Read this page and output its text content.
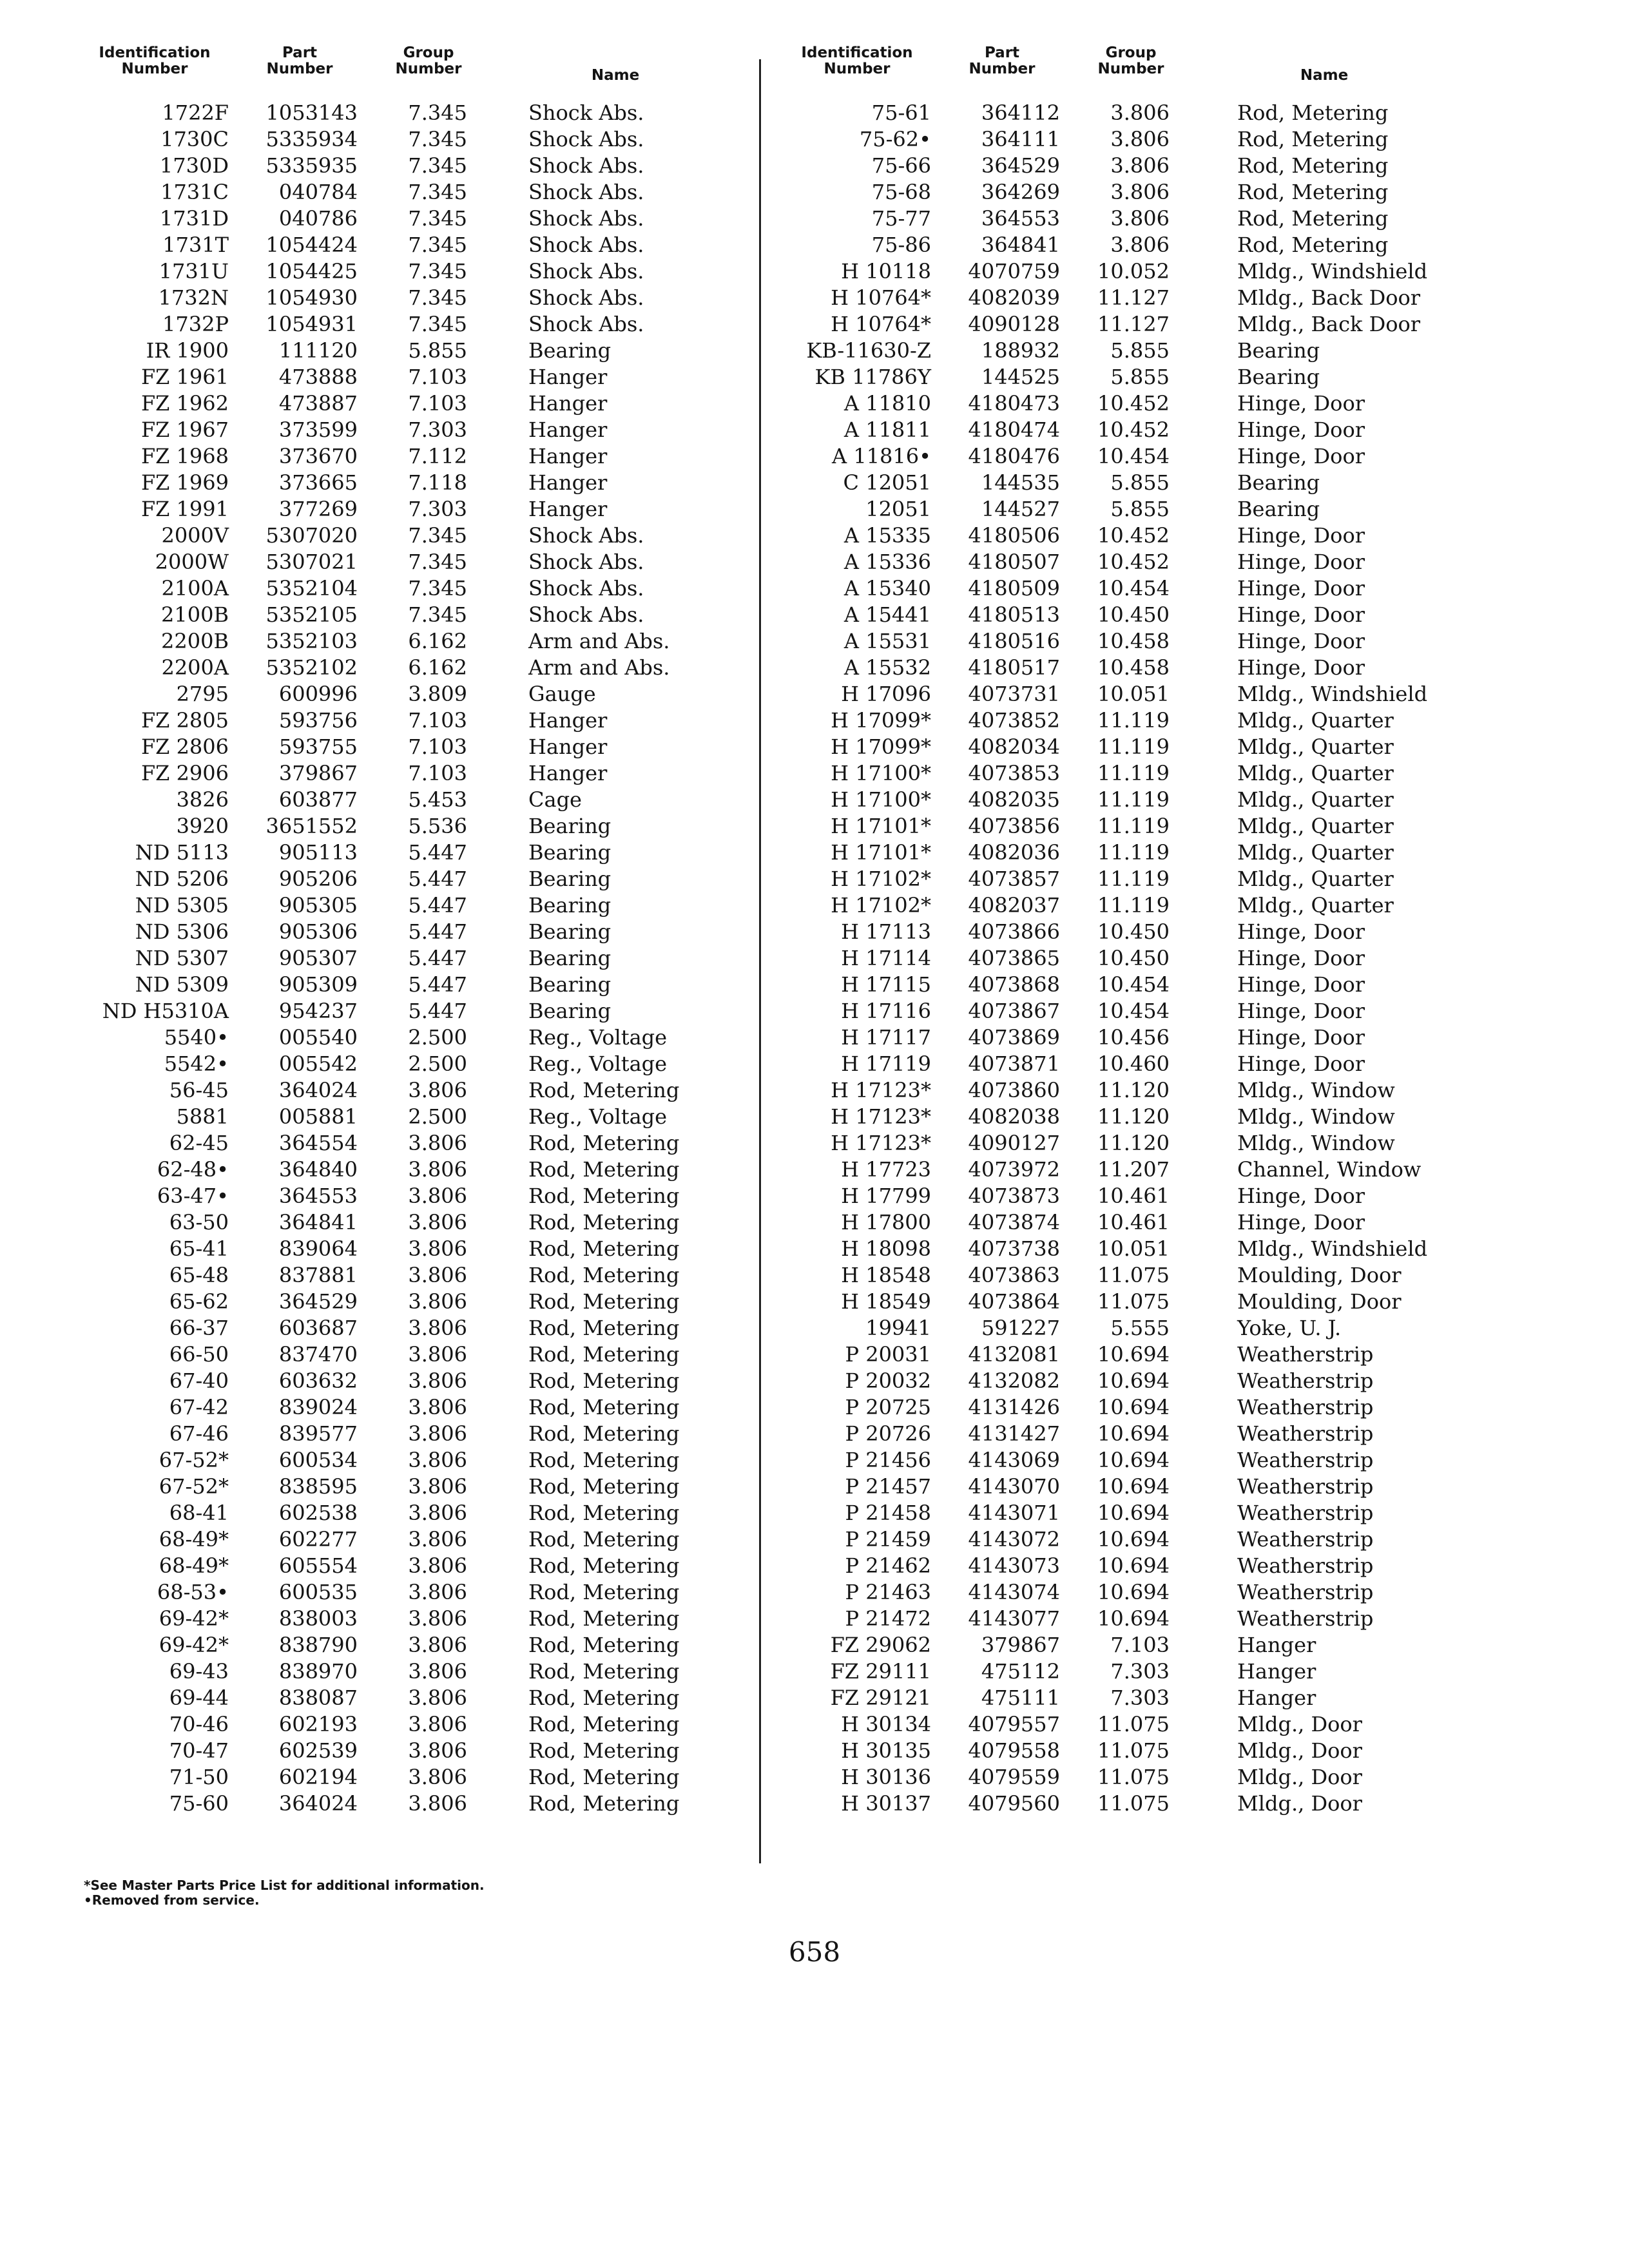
Identification Number
Part Number
Group Number	Name
1722F	1053143	7.345	Shock Abs.
1730C	5335934	7.345	Shock Abs.
1730D	5335935	7.345	Shock Abs.
1731C	040784	7.345	Shock Abs.
1731D	040786	7.345	Shock Abs.
1731T	1054424	7.345	Shock Abs.
1731U	1054425	7.345	Shock Abs.
1732N	1054930	7.345	Shock Abs.
1732P	1054931	7.345	Shock Abs.
IR 1900	111120	5.855	Bearing
FZ 1961	473888	7.103	Hanger
FZ 1962	473887	7.103	Hanger
FZ 1967	373599	7.303	Hanger
FZ 1968	373670	7.112	Hanger
FZ 1969	373665	7.118	Hanger
FZ 1991	377269	7.303	Hanger
2000V	5307020	7.345	Shock Abs.
2000W	5307021	7.345	Shock Abs.
2100A	5352104	7.345	Shock Abs.
2100B	5352105	7.345	Shock Abs.
2200B	5352103	6.162	Arm and Abs.
2200A	5352102	6.162	Arm and Abs.
2795	600996	3.809	Gauge
FZ 2805	593756	7.103	Hanger
FZ 2806	593755	7.103	Hanger
FZ 2906	379867	7.103	Hanger
3826	603877	5.453	Cage
3920	3651552	5.536	Bearing
ND 5113	905113	5.447	Bearing
ND 5206	905206	5.447	Bearing
ND 5305	905305	5.447	Bearing
ND 5306	905306	5.447	Bearing
ND 5307	905307	5.447	Bearing
ND 5309	905309	5.447	Bearing
ND H5310A	954237	5.447	Bearing
5540•	005540	2.500	Reg., Voltage
5542•	005542	2.500	Reg., Voltage
56-45	364024	3.806	Rod, Metering
5881	005881	2.500	Reg., Voltage
62-45	364554	3.806	Rod, Metering
62-48•	364840	3.806	Rod, Metering
63-47•	364553	3.806	Rod, Metering
63-50	364841	3.806	Rod, Metering
65-41	839064	3.806	Rod, Metering
65-48	837881	3.806	Rod, Metering
65-62	364529	3.806	Rod, Metering
66-37	603687	3.806	Rod, Metering
66-50	837470	3.806	Rod, Metering
67-40	603632	3.806	Rod, Metering
67-42	839024	3.806	Rod, Metering
67-46	839577	3.806	Rod, Metering
67-52*	600534	3.806	Rod, Metering
67-52*	838595	3.806	Rod, Metering
68-41	602538	3.806	Rod, Metering
68-49*	602277	3.806	Rod, Metering
68-49*	605554	3.806	Rod, Metering
68-53•	600535	3.806	Rod, Metering
69-42*	838003	3.806	Rod, Metering
69-42*	838790	3.806	Rod, Metering
69-43	838970	3.806	Rod, Metering
69-44	838087	3.806	Rod, Metering
70-46	602193	3.806	Rod, Metering
70-47	602539	3.806	Rod, Metering
71-50	602194	3.806	Rod, Metering
75-60	364024	3.806	Rod, Metering
Identification Number
Part Number
Group Number	Name
75-61	364112	3.806	Rod, Metering
75-62•	364111	3.806	Rod, Metering
75-66	364529	3.806	Rod, Metering
75-68	364269	3.806	Rod, Metering
75-77	364553	3.806	Rod, Metering
75-86	364841	3.806	Rod, Metering
H 10118	4070759	10.052	Mldg., Windshield
H 10764*	4082039	11.127	Mldg., Back Door
H 10764*	4090128	11.127	Mldg., Back Door
KB-11630-Z	188932	5.855	Bearing
KB 11786Y	144525	5.855	Bearing
A 11810	4180473	10.452	Hinge, Door
A 11811	4180474	10.452	Hinge, Door
A 11816•	4180476	10.454	Hinge, Door
C 12051	144535	5.855	Bearing
12051	144527	5.855	Bearing
A 15335	4180506	10.452	Hinge, Door
A 15336	4180507	10.452	Hinge, Door
A 15340	4180509	10.454	Hinge, Door
A 15441	4180513	10.450	Hinge, Door
A 15531	4180516	10.458	Hinge, Door
A 15532	4180517	10.458	Hinge, Door
H 17096	4073731	10.051	Mldg., Windshield
H 17099*	4073852	11.119	Mldg., Quarter
H 17099*	4082034	11.119	Mldg., Quarter
H 17100*	4073853	11.119	Mldg., Quarter
H 17100*	4082035	11.119	Mldg., Quarter
H 17101*	4073856	11.119	Mldg., Quarter
H 17101*	4082036	11.119	Mldg., Quarter
H 17102*	4073857	11.119	Mldg., Quarter
H 17102*	4082037	11.119	Mldg., Quarter
H 17113	4073866	10.450	Hinge, Door
H 17114	4073865	10.450	Hinge, Door
H 17115	4073868	10.454	Hinge, Door
H 17116	4073867	10.454	Hinge, Door
H 17117	4073869	10.456	Hinge, Door
H 17119	4073871	10.460	Hinge, Door
H 17123*	4073860	11.120	Mldg., Window
H 17123*	4082038	11.120	Mldg., Window
H 17123*	4090127	11.120	Mldg., Window
H 17723	4073972	11.207	Channel, Window
H 17799	4073873	10.461	Hinge, Door
H 17800	4073874	10.461	Hinge, Door
H 18098	4073738	10.051	Mldg., Windshield
H 18548	4073863	11.075	Moulding, Door
H 18549	4073864	11.075	Moulding, Door
19941	591227	5.555	Yoke, U. J.
P 20031	4132081	10.694	Weatherstrip
P 20032	4132082	10.694	Weatherstrip
P 20725	4131426	10.694	Weatherstrip
P 20726	4131427	10.694	Weatherstrip
P 21456	4143069	10.694	Weatherstrip
P 21457	4143070	10.694	Weatherstrip
P 21458	4143071	10.694	Weatherstrip
P 21459	4143072	10.694	Weatherstrip
P 21462	4143073	10.694	Weatherstrip
P 21463	4143074	10.694	Weatherstrip
P 21472	4143077	10.694	Weatherstrip
FZ 29062	379867	7.103	Hanger
FZ 29111	475112	7.303	Hanger
FZ 29121	475111	7.303	Hanger
H 30134	4079557	11.075	Mldg., Door
H 30135	4079558	11.075	Mldg., Door
H 30136	4079559	11.075	Mldg., Door
H 30137	4079560	11.075	Mldg., Door
*See Master Parts Price List for additional information.
•Removed from service.
658
